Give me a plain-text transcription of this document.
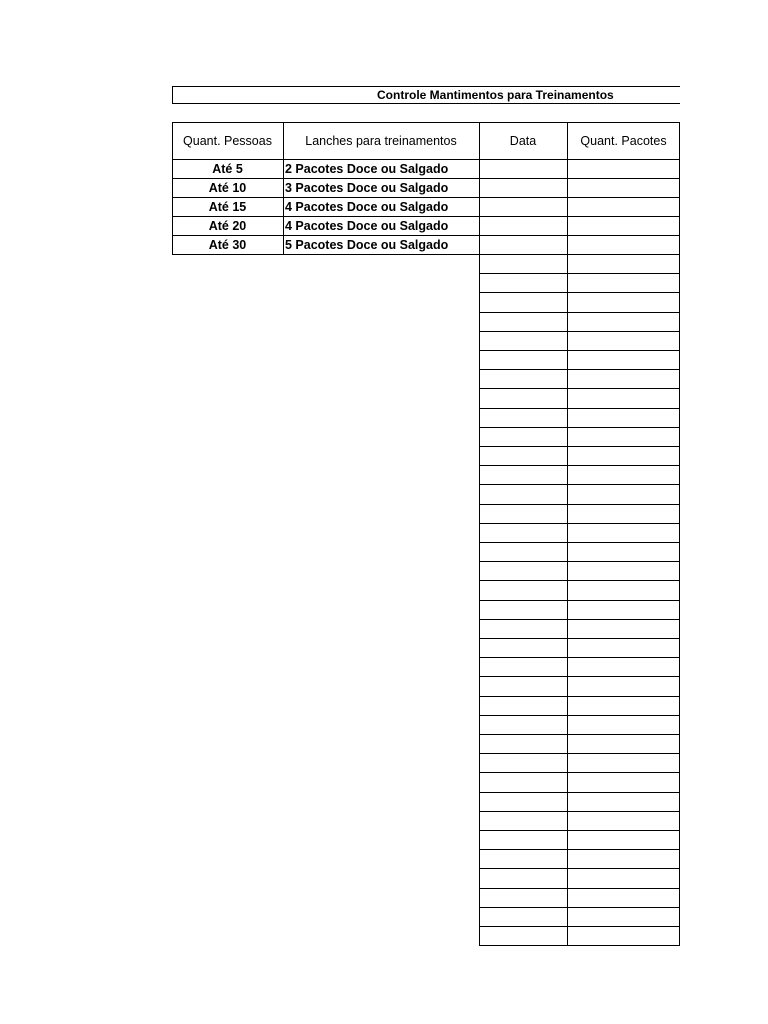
Controle Mantimentos para Treinamentos
Quant. Pessoas	Lanches para treinamentos	Data	Quant. Pacotes
Até 5	2 Pacotes Doce ou Salgado
Até 10	3 Pacotes Doce ou Salgado
Até 15	4 Pacotes Doce ou Salgado
Até 20	4 Pacotes Doce ou Salgado
Até 30	5 Pacotes Doce ou Salgado
